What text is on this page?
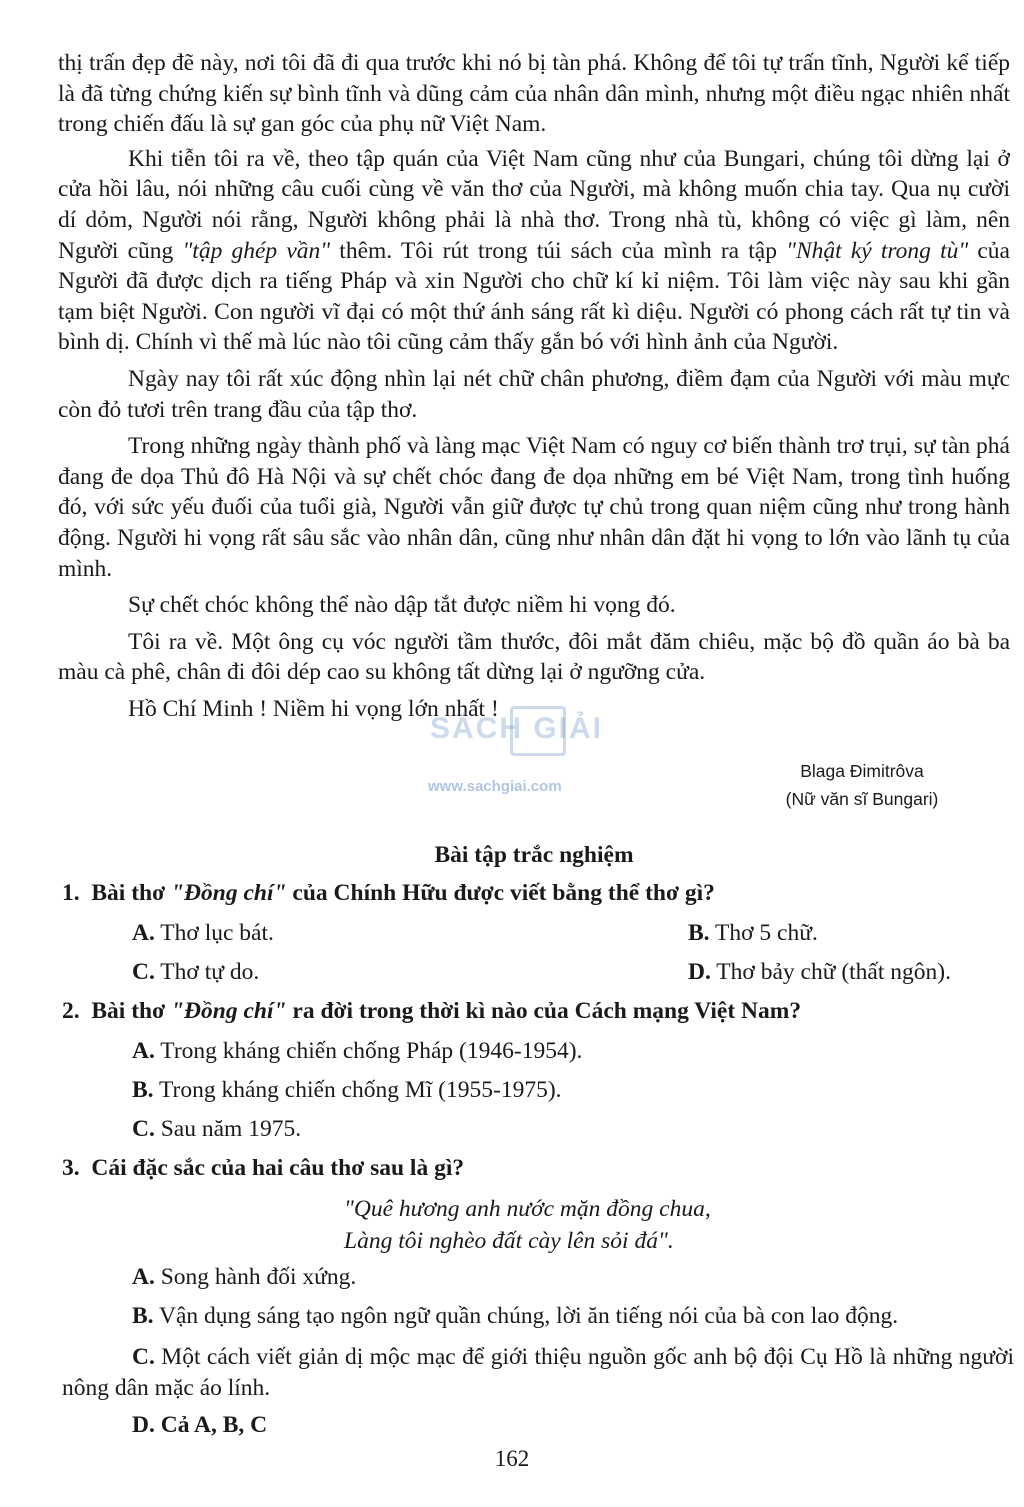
thị trấn đẹp đẽ này, nơi tôi đã đi qua trước khi nó bị tàn phá. Không để tôi tự trấn tĩnh, Người kể tiếp là đã từng chứng kiến sự bình tĩnh và dũng cảm của nhân dân mình, nhưng một điều ngạc nhiên nhất trong chiến đấu là sự gan góc của phụ nữ Việt Nam.

Khi tiễn tôi ra về, theo tập quán của Việt Nam cũng như của Bungari, chúng tôi dừng lại ở cửa hồi lâu, nói những câu cuối cùng về văn thơ của Người, mà không muốn chia tay. Qua nụ cười dí dỏm, Người nói rằng, Người không phải là nhà thơ. Trong nhà tù, không có việc gì làm, nên Người cũng "tập ghép vần" thêm. Tôi rút trong túi sách của mình ra tập "Nhật ký trong tù" của Người đã được dịch ra tiếng Pháp và xin Người cho chữ kí kỉ niệm. Tôi làm việc này sau khi gần tạm biệt Người. Con người vĩ đại có một thứ ánh sáng rất kì diệu. Người có phong cách rất tự tin và bình dị. Chính vì thế mà lúc nào tôi cũng cảm thấy gắn bó với hình ảnh của Người.

Ngày nay tôi rất xúc động nhìn lại nét chữ chân phương, điềm đạm của Người với màu mực còn đỏ tươi trên trang đầu của tập thơ.

Trong những ngày thành phố và làng mạc Việt Nam có nguy cơ biến thành trơ trụi, sự tàn phá đang đe dọa Thủ đô Hà Nội và sự chết chóc đang đe dọa những em bé Việt Nam, trong tình huống đó, với sức yếu đuối của tuổi già, Người vẫn giữ được tự chủ trong quan niệm cũng như trong hành động. Người hi vọng rất sâu sắc vào nhân dân, cũng như nhân dân đặt hi vọng to lớn vào lãnh tụ của mình.

Sự chết chóc không thể nào dập tắt được niềm hi vọng đó.

Tôi ra về. Một ông cụ vóc người tầm thước, đôi mắt đăm chiêu, mặc bộ đồ quần áo bà ba màu cà phê, chân đi đôi dép cao su không tất dừng lại ở ngưỡng cửa.

Hồ Chí Minh ! Niềm hi vọng lớn nhất !

SÁCH GIẢI
www.sachgiai.com
Blaga Đimitrôva
(Nữ văn sĩ Bungari)
Bài tập trắc nghiệm
1. Bài thơ "Đồng chí" của Chính Hữu được viết bằng thể thơ gì?
A. Thơ lục bát.	B. Thơ 5 chữ.
C. Thơ tự do.	D. Thơ bảy chữ (thất ngôn).
2. Bài thơ "Đồng chí" ra đời trong thời kì nào của Cách mạng Việt Nam?
A. Trong kháng chiến chống Pháp (1946-1954).
B. Trong kháng chiến chống Mĩ (1955-1975).
C. Sau năm 1975.
3. Cái đặc sắc của hai câu thơ sau là gì?
"Quê hương anh nước mặn đồng chua,
Làng tôi nghèo đất cày lên sỏi đá".
A. Song hành đối xứng.
B. Vận dụng sáng tạo ngôn ngữ quần chúng, lời ăn tiếng nói của bà con lao động.

C. Một cách viết giản dị mộc mạc để giới thiệu nguồn gốc anh bộ đội Cụ Hồ là những người nông dân mặc áo lính.

D. Cả A, B, C
162
